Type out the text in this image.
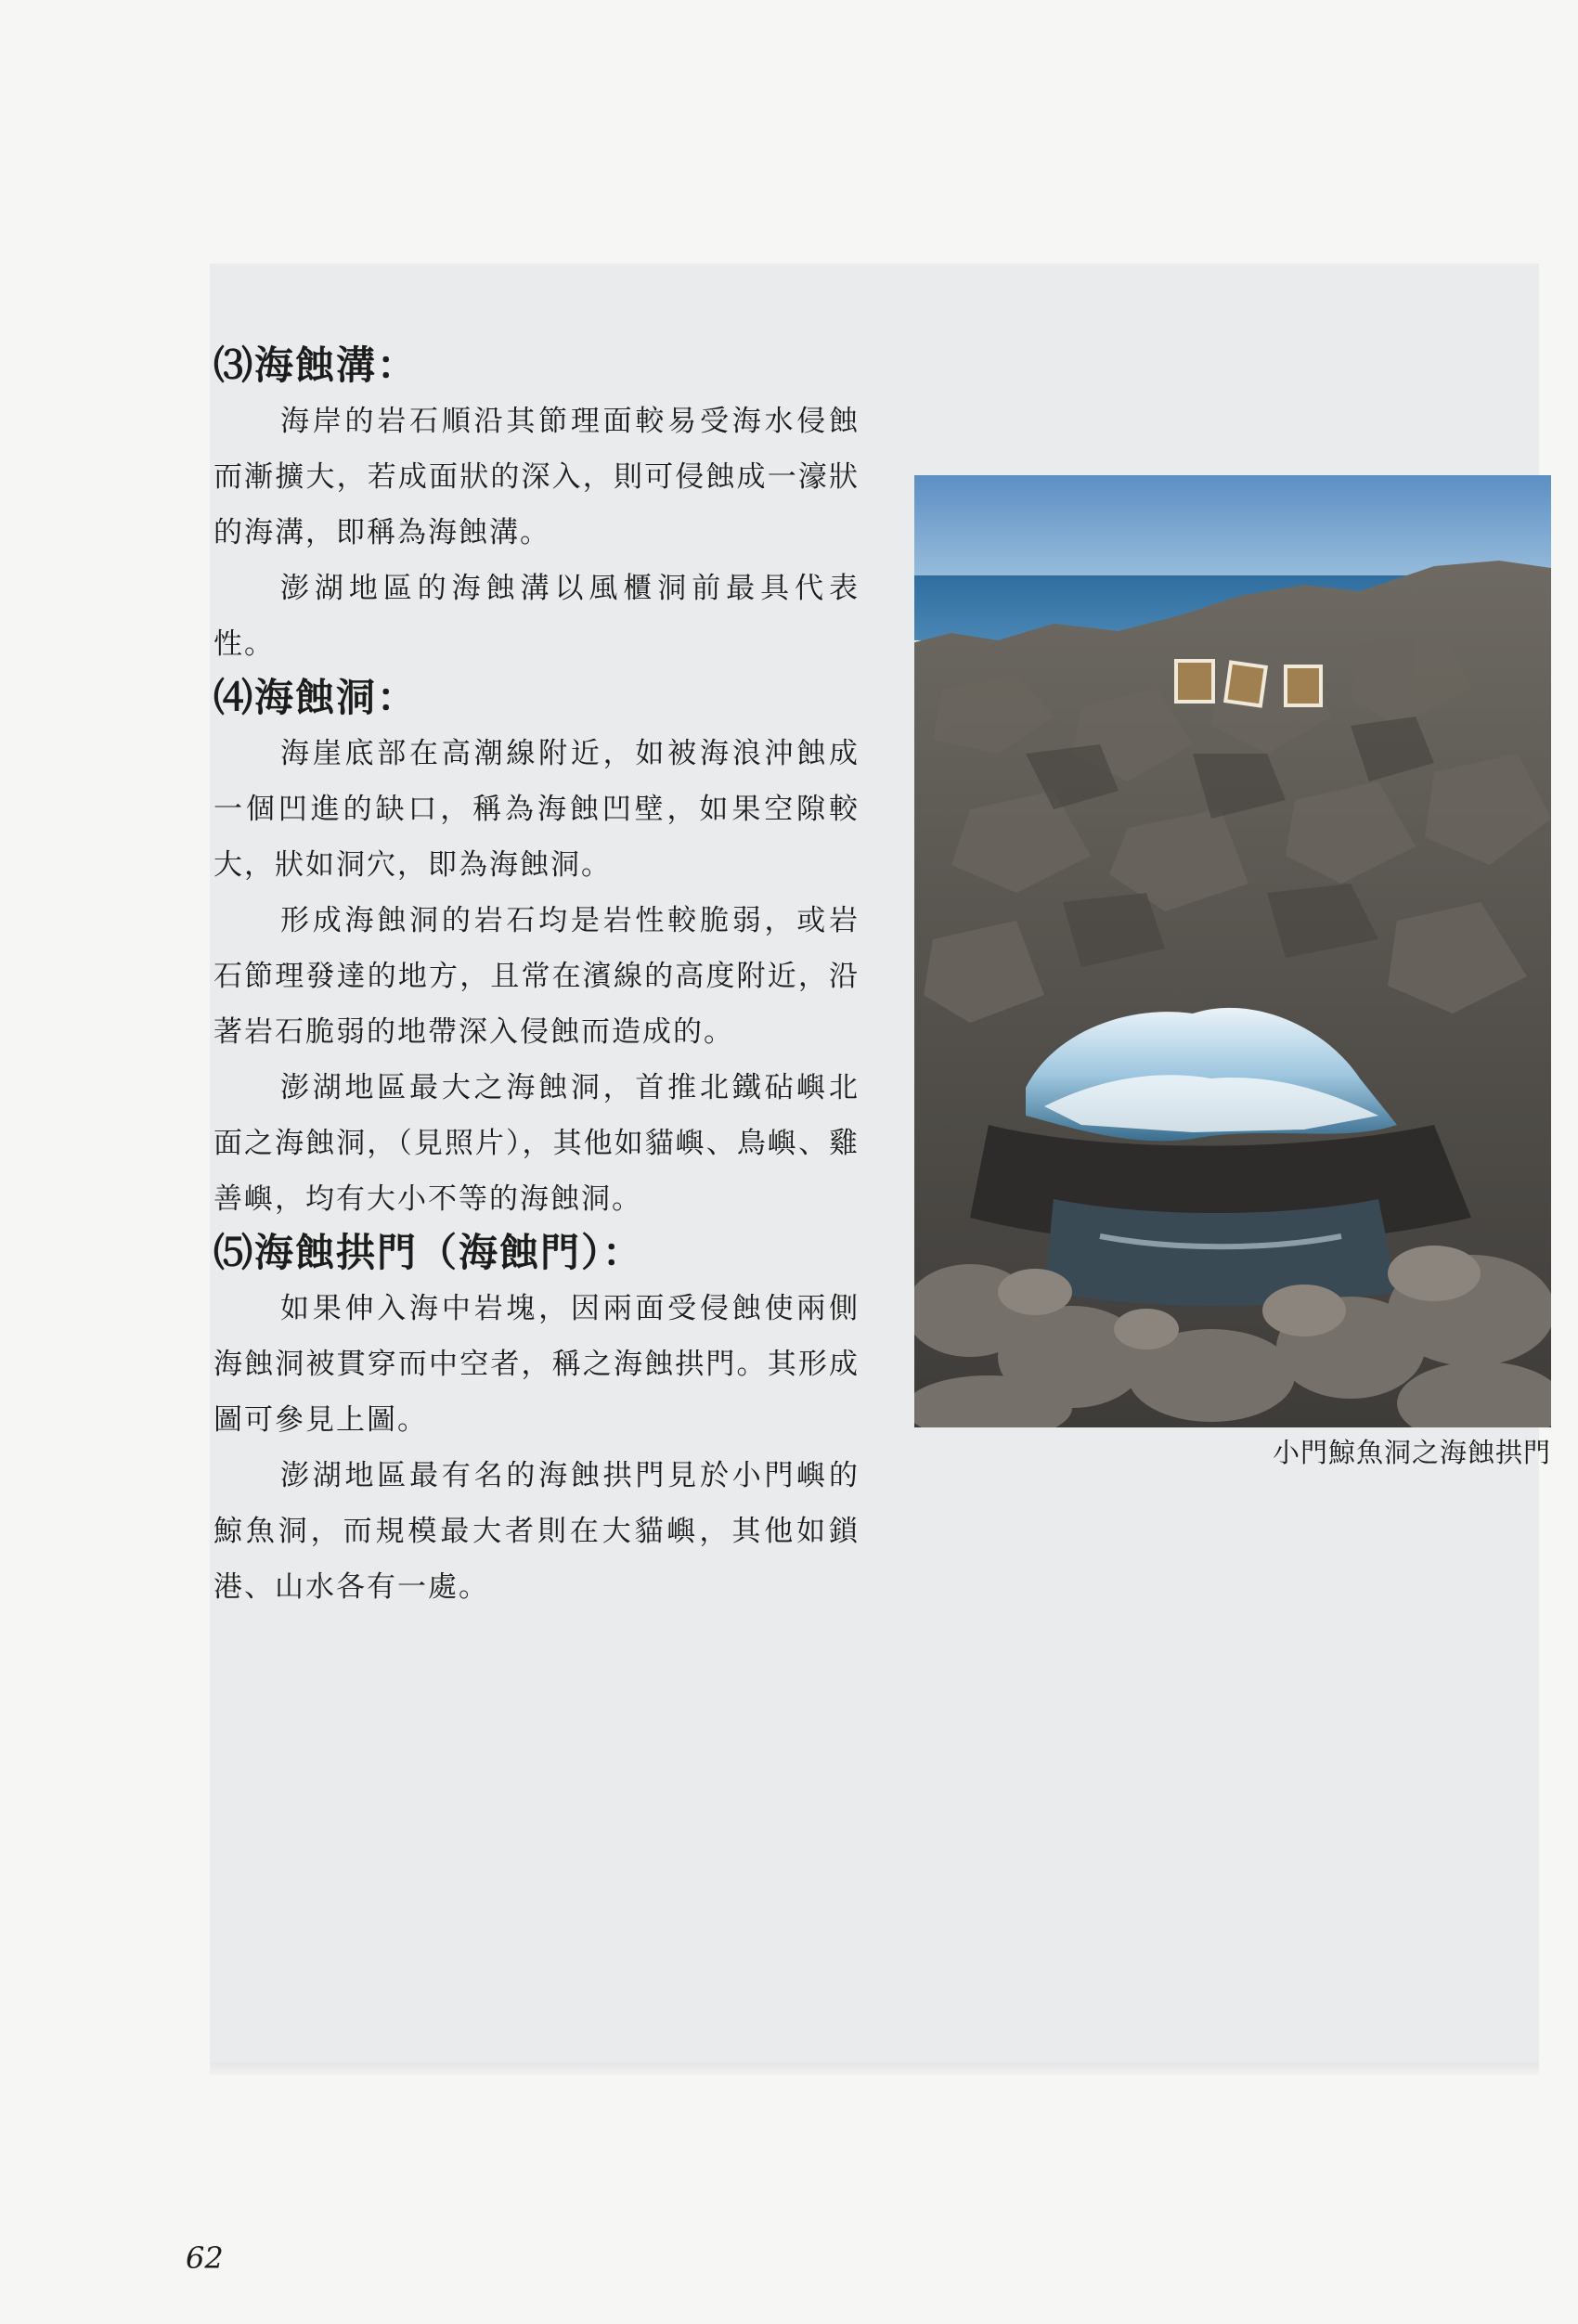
⑶海蝕溝：

海岸的岩石順沿其節理面較易受海水侵蝕而漸擴大，若成面狀的深入，則可侵蝕成一濠狀的海溝，即稱為海蝕溝。

澎湖地區的海蝕溝以風櫃洞前最具代表性。

⑷海蝕洞：

海崖底部在高潮線附近，如被海浪沖蝕成一個凹進的缺口，稱為海蝕凹壁，如果空隙較大，狀如洞穴，即為海蝕洞。

形成海蝕洞的岩石均是岩性較脆弱，或岩石節理發達的地方，且常在濱線的高度附近，沿著岩石脆弱的地帶深入侵蝕而造成的。

澎湖地區最大之海蝕洞，首推北鐵砧嶼北面之海蝕洞，（見照片），其他如貓嶼、鳥嶼、雞善嶼，均有大小不等的海蝕洞。

⑸海蝕拱門（海蝕門）：

如果伸入海中岩塊，因兩面受侵蝕使兩側海蝕洞被貫穿而中空者，稱之海蝕拱門。其形成圖可參見上圖。

澎湖地區最有名的海蝕拱門見於小門嶼的鯨魚洞，而規模最大者則在大貓嶼，其他如鎖港、山水各有一處。

小門鯨魚洞之海蝕拱門
62
